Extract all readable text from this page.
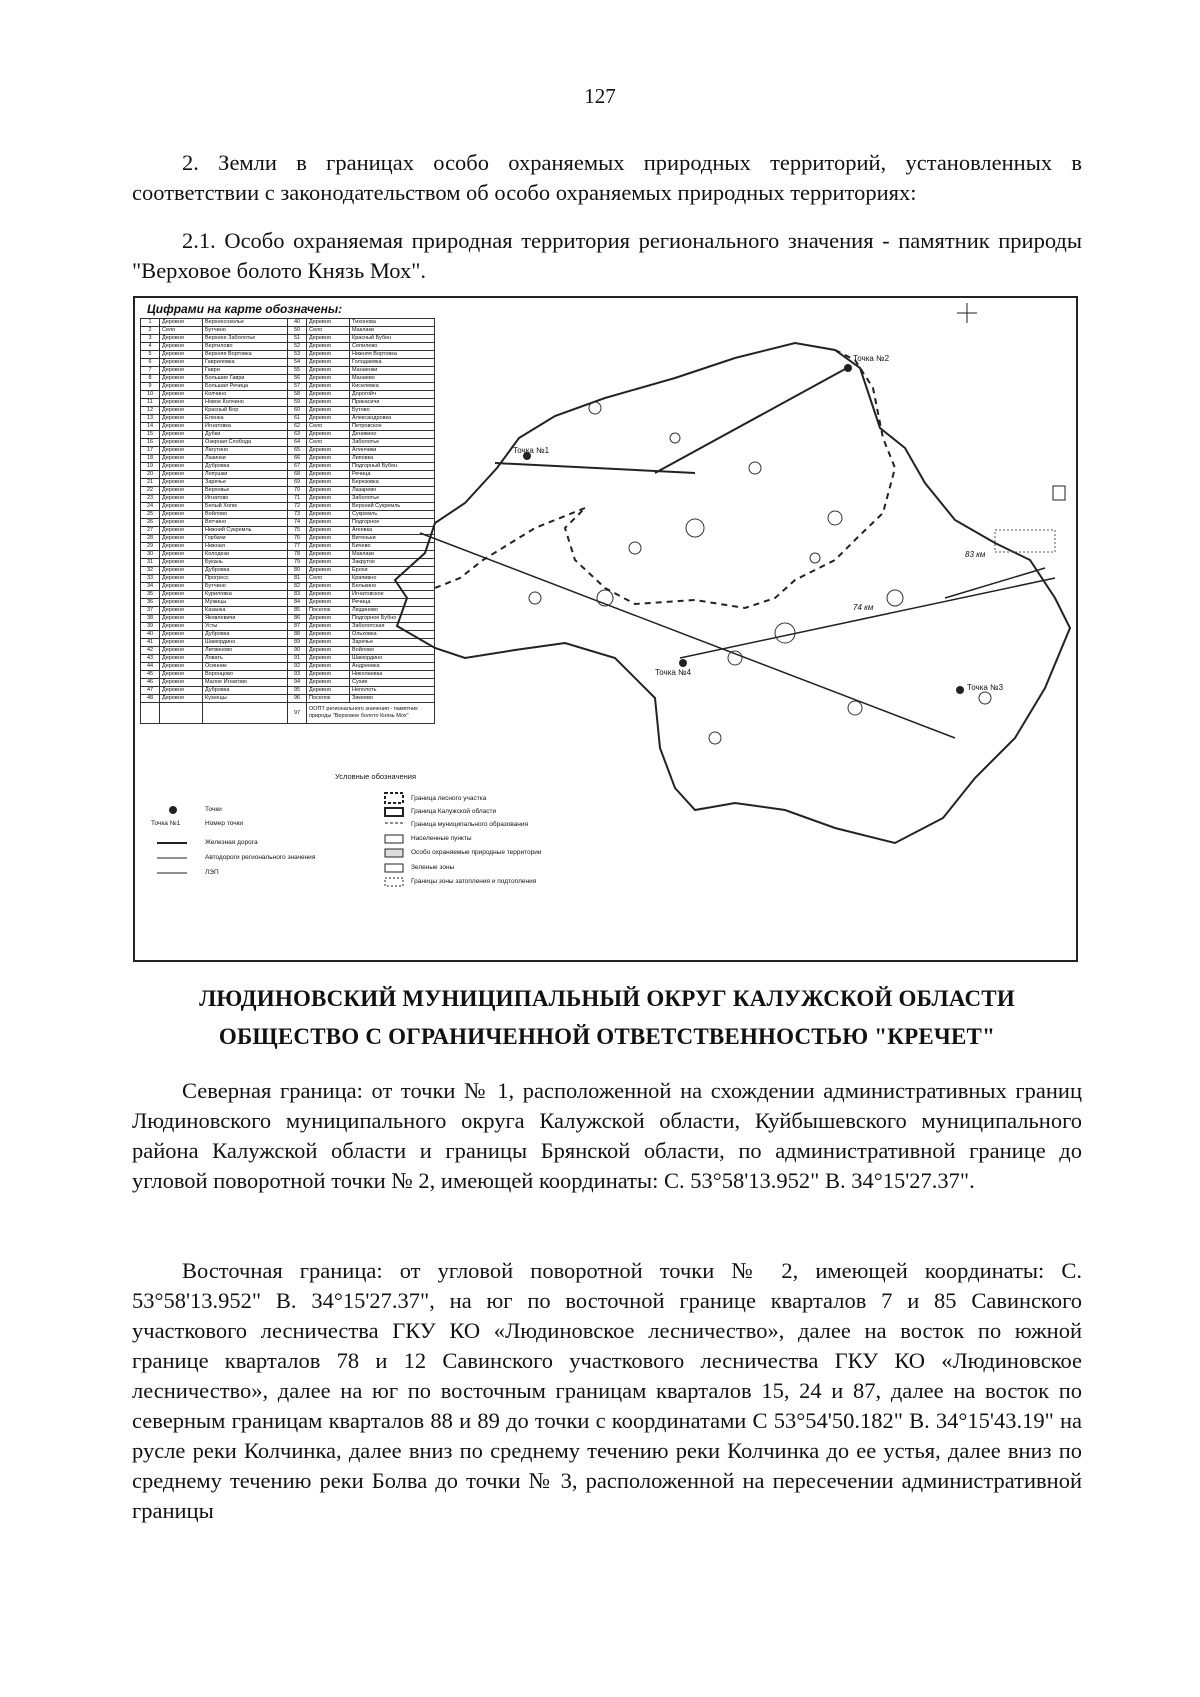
127
2. Земли в границах особо охраняемых природных территорий, установленных в соответствии с законодательством об особо охраняемых природных территориях:
2.1. Особо охраняемая природная территория регионального значения - памятник природы "Верховое болото Князь Мох".
Цифрами на карте обозначены:
1	Деревня	Верхнесоколье	40	Деревня	Тихонова
2	Село	Бутчино	50	Село	Маклаки
3	Деревня	Верхнее Заболотье	51	Деревня	Красный Бубен
4	Деревня	Вертилово	52	Деревня	Сепилево
5	Деревня	Верхняя Вортовка	53	Деревня	Нижняя Вортовка
6	Деревня	Гавриловка	54	Деревня	Голодаевка
7	Деревня	Гаври	55	Деревня	Манаенки
8	Деревня	Большие Гаври	56	Деревня	Манаево
9	Деревня	Большая Речица	57	Деревня	Киселевка
10	Деревня	Колчино	58	Деревня	Дорогойч
11	Деревня	Новое Колчино	59	Деревня	Прикасичи
12	Деревня	Красный Бор	60	Деревня	Бутово
13	Деревня	Еленка	61	Деревня	Александровка
14	Деревня	Игнатовка	62	Село	Петровское
15	Деревня	Дубки	63	Деревня	Деникино
16	Деревня	Озерная Слобода	64	Село	Заболотье
17	Деревня	Лагутино	65	Деревня	Алянчики
18	Деревня	Лазинки	66	Деревня	Липовка
19	Деревня	Дубровка	67	Деревня	Подгорный Бубен
20	Деревня	Лопушки	68	Деревня	Речица
21	Деревня	Заречье	69	Деревня	Березовка
22	Деревня	Верховье	70	Деревня	Лазарево
23	Деревня	Игнатово	71	Деревня	Заболотье
24	Деревня	Белый Холм	72	Деревня	Верхний Сукремль
25	Деревня	Войлово	73	Деревня	Сукремль
26	Деревня	Вятчино	74	Деревня	Подгорное
27	Деревня	Нижний Сукремль	75	Деревня	Агеевка
28	Деревня	Горбачи	76	Деревня	Витеньки
29	Деревня	Нижная	77	Деревня	Бичево
30	Деревня	Колодези	78	Деревня	Маклаки
31	Деревня	Букань	79	Деревня	Закрутое
32	Деревня	Дубровка	80	Деревня	Ерохи
33	Деревня	Прогресс	81	Село	Крапивно
34	Деревня	Бутчино	82	Деревня	Белькино
35	Деревня	Куриловка	83	Деревня	Игнатовское
36	Деревня	Мужицы	84	Деревня	Речица
37	Деревня	Казанка	85	Поселок	Людиново
38	Деревня	Яковлевичи	86	Деревня	Подгорное Бубно
39	Деревня	Усты	87	Деревня	Заболотская
40	Деревня	Дубровка	88	Деревня	Ольховка
41	Деревня	Шамордино	89	Деревня	Заречье
42	Деревня	Литвиново	90	Деревня	Войлово
43	Деревня	Ловать	91	Деревня	Шамордино
44	Деревня	Осинник	92	Деревня	Андреевка
45	Деревня	Воронцово	93	Деревня	Николаевка
46	Деревня	Малое Игнатово	94	Деревня	Сухие
47	Деревня	Дубровка	95	Деревня	Неполоть
48	Деревня	Кузнецы	96	Поселок	Зикеево
			97	ООПТ регионального значения - памятник природы "Верховое болото Князь Мох"	
Точка №1
Точка №2
Точка №3
Точка №4
74 км
83 км
Условные обозначения
Точки
Точка №1	Номер точки
Железная дорога
Автодороги регионального значения
ЛЭП
Граница лесного участка
Граница Калужской области
Граница муниципального образования
Населенные пункты
Особо охраняемые природные территории
Зеленые зоны
Границы зоны затопления и подтопления
ЛЮДИНОВСКИЙ МУНИЦИПАЛЬНЫЙ ОКРУГ КАЛУЖСКОЙ ОБЛАСТИ
ОБЩЕСТВО С ОГРАНИЧЕННОЙ ОТВЕТСТВЕННОСТЬЮ "КРЕЧЕТ"
Северная граница: от точки № 1, расположенной на схождении административных границ Людиновского муниципального округа Калужской области, Куйбышевского муниципального района Калужской области и границы Брянской области, по административной границе до угловой поворотной точки № 2, имеющей координаты: С. 53°58'13.952" В. 34°15'27.37".
Восточная граница: от угловой поворотной точки № 2, имеющей координаты: С. 53°58'13.952" В. 34°15'27.37", на юг по восточной границе кварталов 7 и 85 Савинского участкового лесничества ГКУ КО «Людиновское лесничество», далее на восток по южной границе кварталов 78 и 12 Савинского участкового лесничества ГКУ КО «Людиновское лесничество», далее на юг по восточным границам кварталов 15, 24 и 87, далее на восток по северным границам кварталов 88 и 89 до точки с координатами С 53°54'50.182" В. 34°15'43.19" на русле реки Колчинка, далее вниз по среднему течению реки Колчинка до ее устья, далее вниз по среднему течению реки Болва до точки № 3, расположенной на пересечении административной границы
